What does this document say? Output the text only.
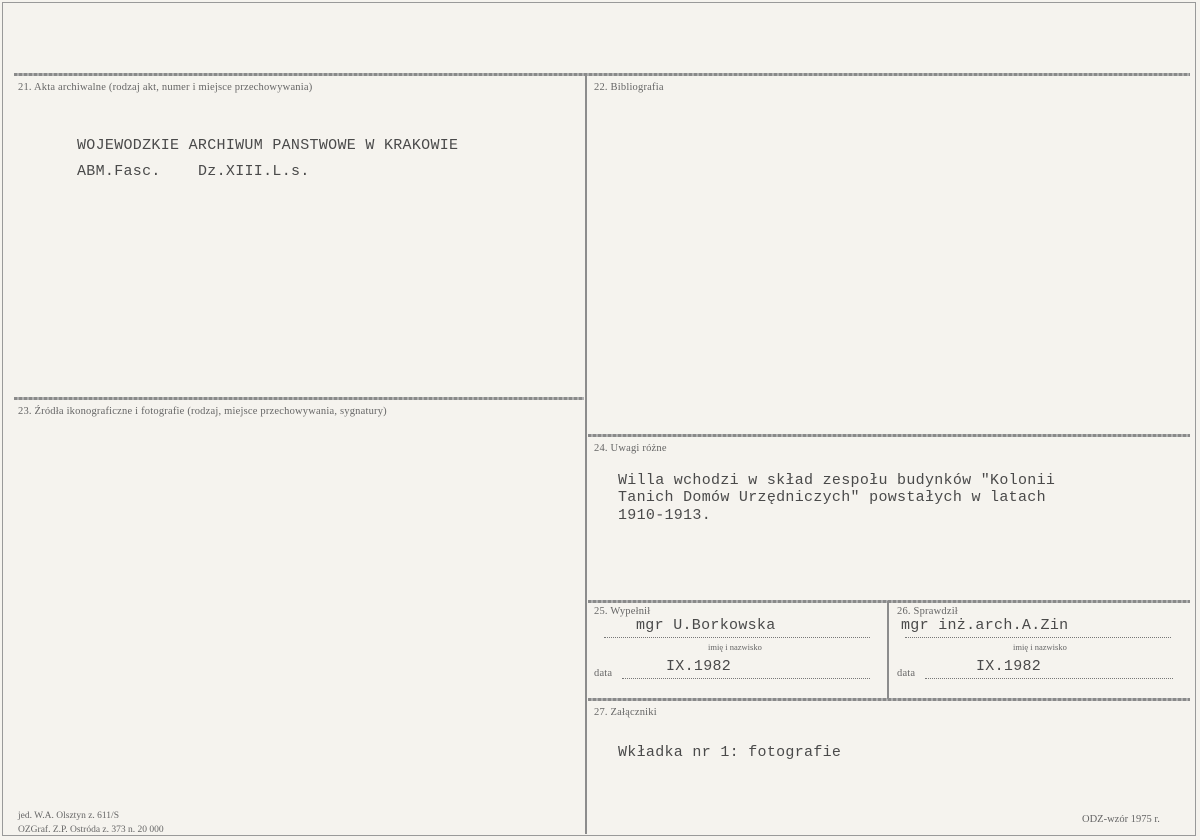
21. Akta archiwalne (rodzaj akt, numer i miejsce przechowywania)
WOJEWODZKIE ARCHIWUM PANSTWOWE W KRAKOWIE
ABM.Fasc. Dz.XIII.L.s.
22. Bibliografia
23. Źródła ikonograficzne i fotografie (rodzaj, miejsce przechowywania, sygnatury)
24. Uwagi różne
Willa wchodzi w skład zespołu budynków "Kolonii
Tanich Domów Urzędniczych" powstałych w latach
1910-1913.
25. Wypełnił
mgr U.Borkowska
imię i nazwisko
data	IX.1982
26. Sprawdził
mgr inż.arch.A.Zin
imię i nazwisko
data	IX.1982
27. Załączniki
Wkładka nr 1: fotografie
jed. W.A. Olsztyn z. 611/S
OZGraf. Z.P. Ostróda z. 373 n. 20 000
ODZ-wzór 1975 r.
